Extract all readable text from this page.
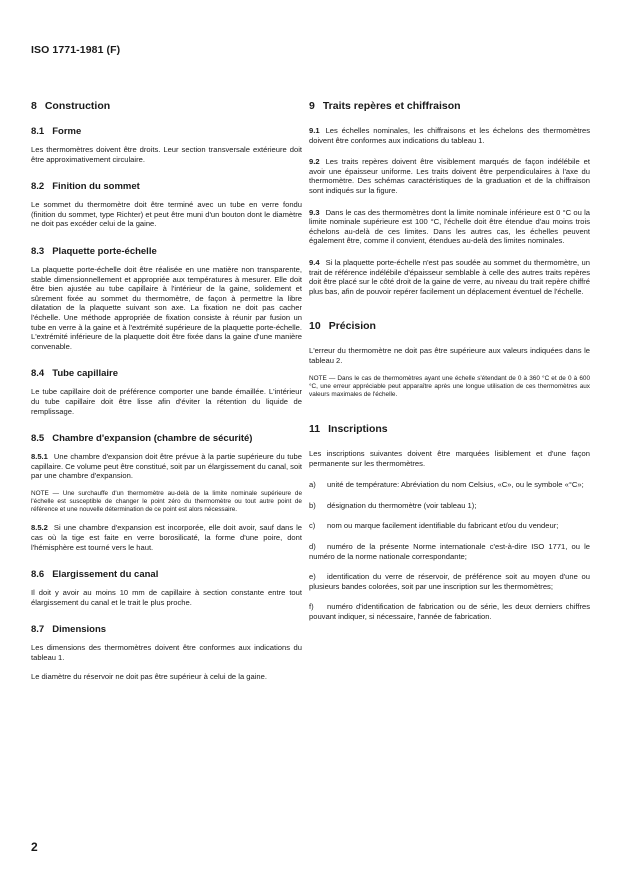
ISO 1771-1981 (F)
8 Construction
8.1 Forme

Les thermomètres doivent être droits. Leur section transversale extérieure doit être approximativement circulaire.

8.2 Finition du sommet

Le sommet du thermomètre doit être terminé avec un tube en verre fondu (finition du sommet, type Richter) et peut être muni d'un bouton dont le diamètre ne doit pas excéder celui de la gaine.

8.3 Plaquette porte-échelle

La plaquette porte-échelle doit être réalisée en une matière non transparente, stable dimensionnellement et appropriée aux températures à mesurer. Elle doit être bien ajustée au tube capillaire à l'intérieur de la gaine, solidement et sûrement fixée au sommet du thermomètre, de façon à permettre la libre dilatation de la plaquette suivant son axe. La fixation ne doit pas cacher l'échelle. Une méthode appropriée de fixation consiste à réunir par fusion un tube en verre à la gaine et à l'extrémité supérieure de la plaquette porte-échelle. L'extrémité inférieure de la plaquette doit être fixée dans la gaine d'une manière convenable.

8.4 Tube capillaire

Le tube capillaire doit de préférence comporter une bande émaillée. L'intérieur du tube capillaire doit être lisse afin d'éviter la rétention du liquide de remplissage.

8.5 Chambre d'expansion (chambre de sécurité)

8.5.1 Une chambre d'expansion doit être prévue à la partie supérieure du tube capillaire. Ce volume peut être constitué, soit par un élargissement du canal, soit par une chambre d'expansion.

NOTE — Une surchauffe d'un thermomètre au-delà de la limite nominale supérieure de l'échelle est susceptible de changer le point zéro du thermomètre ou tout autre point de référence et une nouvelle détermination de ce point est alors nécessaire.

8.5.2 Si une chambre d'expansion est incorporée, elle doit avoir, sauf dans le cas où la tige est faite en verre borosilicaté, la forme d'une poire, dont l'hémisphère est tourné vers le haut.

8.6 Elargissement du canal

Il doit y avoir au moins 10 mm de capillaire à section constante entre tout élargissement du canal et le trait le plus proche.

8.7 Dimensions

Les dimensions des thermomètres doivent être conformes aux indications du tableau 1.

Le diamètre du réservoir ne doit pas être supérieur à celui de la gaine.

9 Traits repères et chiffraison

9.1 Les échelles nominales, les chiffraisons et les échelons des thermomètres doivent être conformes aux indications du tableau 1.

9.2 Les traits repères doivent être visiblement marqués de façon indélébile et avoir une épaisseur uniforme. Les traits doivent être perpendiculaires à l'axe du thermomètre. Des schémas caractéristiques de la graduation et de la chiffraison sont indiqués sur la figure.

9.3 Dans le cas des thermomètres dont la limite nominale inférieure est 0 °C ou la limite nominale supérieure est 100 °C, l'échelle doit être étendue d'au moins trois échelons au-delà de ces limites. Dans les autres cas, les échelles peuvent également être, comme il convient, étendues au-delà des limites nominales.

9.4 Si la plaquette porte-échelle n'est pas soudée au sommet du thermomètre, un trait de référence indélébile d'épaisseur semblable à celle des autres traits repères doit être placé sur le côté droit de la gaine de verre, au niveau du trait repère chiffré plus bas, afin de pouvoir repérer facilement un déplacement éventuel de l'échelle.

10 Précision

L'erreur du thermomètre ne doit pas être supérieure aux valeurs indiquées dans le tableau 2.

NOTE — Dans le cas de thermomètres ayant une échelle s'étendant de 0 à 360 °C et de 0 à 600 °C, une erreur appréciable peut apparaître après une longue utilisation de ces thermomètres aux valeurs maximales de l'échelle.

11 Inscriptions

Les inscriptions suivantes doivent être marquées lisiblement et d'une façon permanente sur les thermomètres.

a) unité de température: Abréviation du nom Celsius, «C», ou le symbole «°C»;

b) désignation du thermomètre (voir tableau 1);

c) nom ou marque facilement identifiable du fabricant et/ou du vendeur;

d) numéro de la présente Norme internationale c'est-à-dire ISO 1771, ou le numéro de la norme nationale correspondante;

e) identification du verre de réservoir, de préférence soit au moyen d'une ou plusieurs bandes colorées, soit par une inscription sur les thermomètres;

f) numéro d'identification de fabrication ou de série, les deux derniers chiffres pouvant indiquer, si nécessaire, l'année de fabrication.

2
